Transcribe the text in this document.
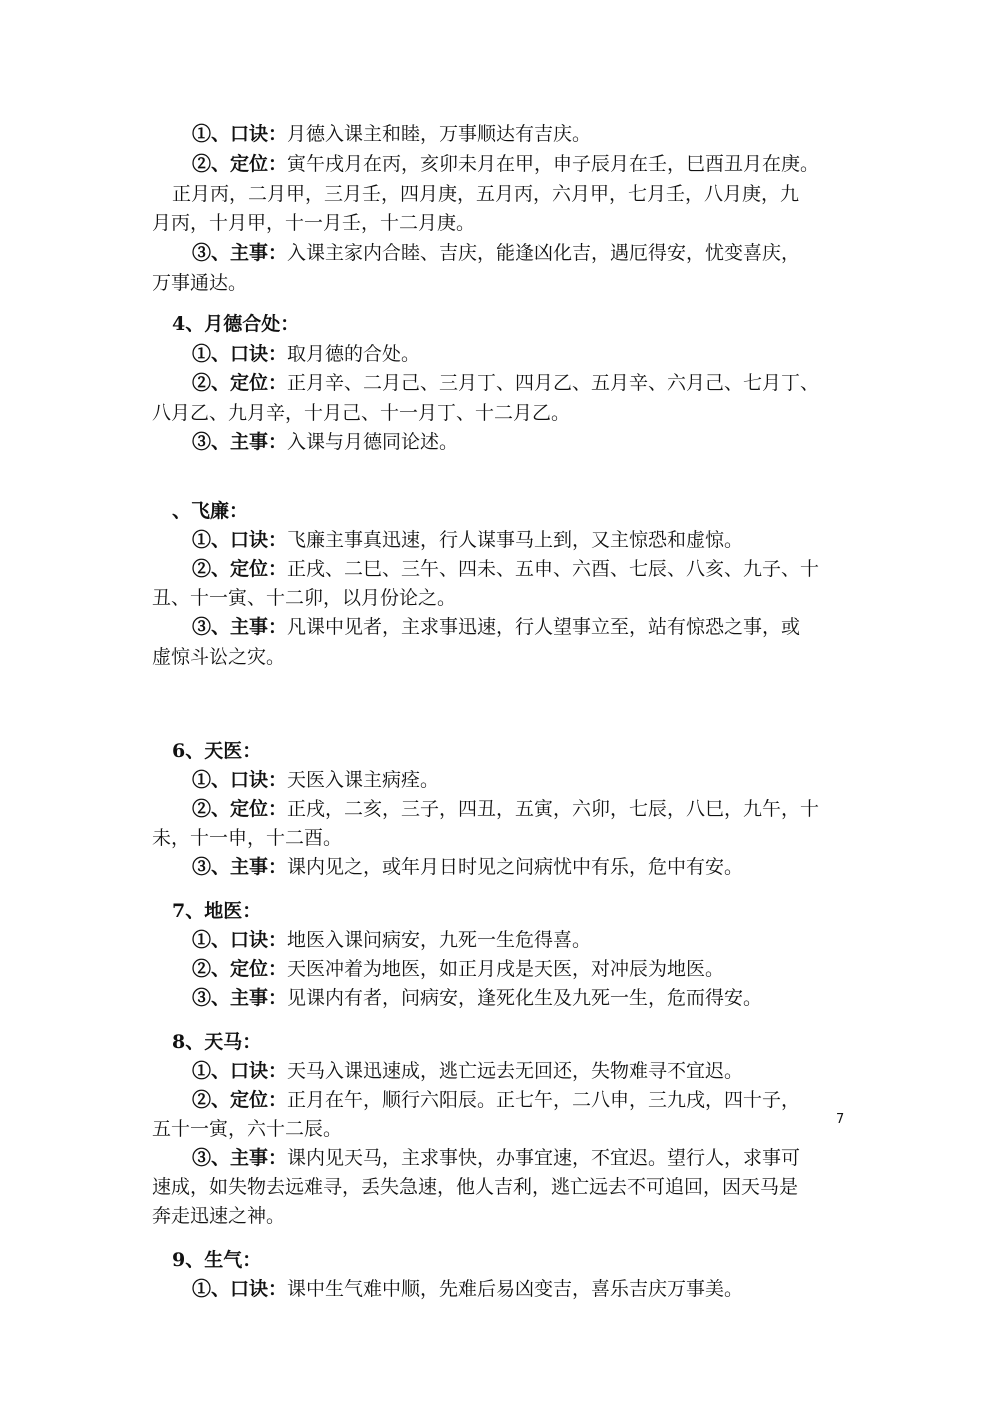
①、口诀：月德入课主和睦，万事顺达有吉庆。
②、定位：寅午戌月在丙，亥卯未月在甲，申子辰月在壬，巳酉丑月在庚。
正月丙，二月甲，三月壬，四月庚，五月丙，六月甲，七月壬，八月庚，九
月丙，十月甲，十一月壬，十二月庚。
③、主事：入课主家内合睦、吉庆，能逢凶化吉，遇厄得安，忧变喜庆，
万事通达。
4、月德合处：
①、口诀：取月德的合处。
②、定位：正月辛、二月己、三月丁、四月乙、五月辛、六月己、七月丁、
八月乙、九月辛，十月己、十一月丁、十二月乙。
③、主事：入课与月德同论述。
、飞廉：
①、口诀：飞廉主事真迅速，行人谋事马上到，又主惊恐和虚惊。
②、定位：正戌、二巳、三午、四未、五申、六酉、七辰、八亥、九子、十
丑、十一寅、十二卯，以月份论之。
③、主事：凡课中见者，主求事迅速，行人望事立至，站有惊恐之事，或
虚惊斗讼之灾。
6、天医：
①、口诀：天医入课主病痊。
②、定位：正戌，二亥，三子，四丑，五寅，六卯，七辰，八巳，九午，十
未，十一申，十二酉。
③、主事：课内见之，或年月日时见之问病忧中有乐，危中有安。
7、地医：
①、口诀：地医入课问病安，九死一生危得喜。
②、定位：天医冲着为地医，如正月戌是天医，对冲辰为地医。
③、主事：见课内有者，问病安，逢死化生及九死一生，危而得安。
8、天马：
①、口诀：天马入课迅速成，逃亡远去无回还，失物难寻不宜迟。
②、定位：正月在午，顺行六阳辰。正七午，二八申，三九戌，四十子，
五十一寅，六十二辰。
③、主事：课内见天马，主求事快，办事宜速，不宜迟。望行人，求事可
速成，如失物去远难寻，丢失急速，他人吉利，逃亡远去不可追回，因天马是
奔走迅速之神。
9、生气：
①、口诀：课中生气难中顺，先难后易凶变吉，喜乐吉庆万事美。
7
